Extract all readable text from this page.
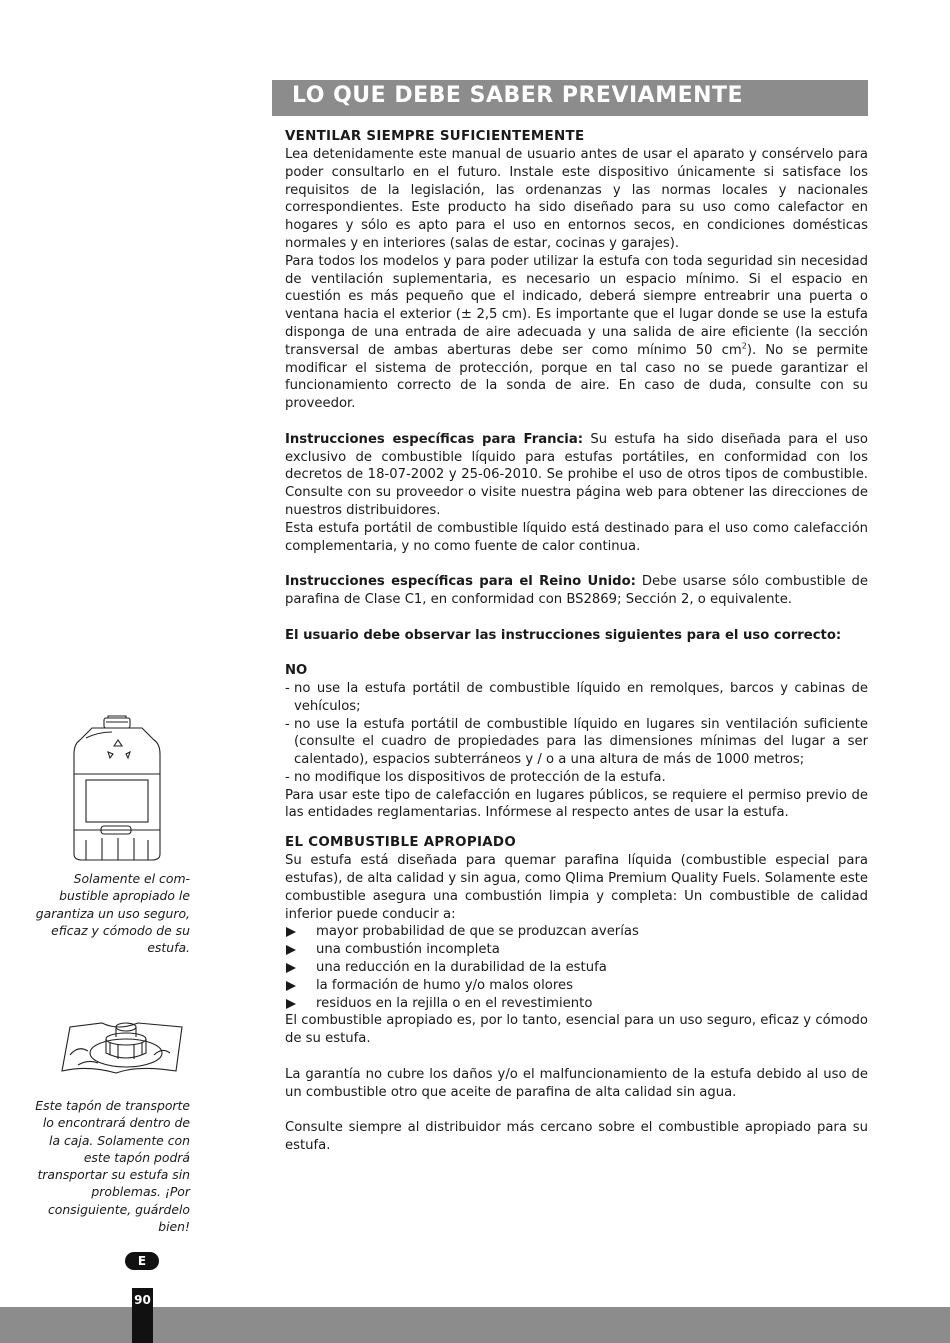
LO QUE DEBE SABER PREVIAMENTE
Solamente el com-bustible apropiado le garantiza un uso seguro, eficaz y cómodo de su estufa.
Este tapón de transporte lo encontrará dentro de la caja. Solamente con este tapón podrá transportar su estufa sin problemas. ¡Por consiguiente, guárdelo bien!
VENTILAR SIEMPRE SUFICIENTEMENTE

Lea detenidamente este manual de usuario antes de usar el aparato y consérvelo para poder consultarlo en el futuro. Instale este dispositivo únicamente si satisface los requisitos de la legislación, las ordenanzas y las normas locales y nacionales correspondientes. Este producto ha sido diseñado para su uso como calefactor en hogares y sólo es apto para el uso en entornos secos, en condiciones domésticas normales y en interiores (salas de estar, cocinas y garajes).

Para todos los modelos y para poder utilizar la estufa con toda seguridad sin necesidad de ventilación suplementaria, es necesario un espacio mínimo. Si el espacio en cuestión es más pequeño que el indicado, deberá siempre entreabrir una puerta o ventana hacia el exterior (± 2,5 cm). Es importante que el lugar donde se use la estufa disponga de una entrada de aire adecuada y una salida de aire eficiente (la sección transversal de ambas aberturas debe ser como mínimo 50 $cm^2$). No se permite modificar el sistema de protección, porque en tal caso no se puede garantizar el funcionamiento correcto de la sonda de aire. En caso de duda, consulte con su proveedor.

Instrucciones específicas para Francia: Su estufa ha sido diseñada para el uso exclusivo de combustible líquido para estufas portátiles, en conformidad con los decretos de 18-07-2002 y 25-06-2010. Se prohibe el uso de otros tipos de combustible. Consulte con su proveedor o visite nuestra página web para obtener las direcciones de nuestros distribuidores.

Esta estufa portátil de combustible líquido está destinado para el uso como calefacción complementaria, y no como fuente de calor continua.

Instrucciones específicas para el Reino Unido: Debe usarse sólo combustible de parafina de Clase C1, en conformidad con BS2869; Sección 2, o equivalente.

El usuario debe observar las instrucciones siguientes para el uso correcto:

NO

- no use la estufa portátil de combustible líquido en remolques, barcos y cabinas de vehículos;
- no use la estufa portátil de combustible líquido en lugares sin ventilación suficiente (consulte el cuadro de propiedades para las dimensiones mínimas del lugar a ser calentado), espacios subterráneos y / o a una altura de más de 1000 metros;
- no modifique los dispositivos de protección de la estufa.

Para usar este tipo de calefacción en lugares públicos, se requiere el permiso previo de las entidades reglamentarias. Infórmese al respecto antes de usar la estufa.

EL COMBUSTIBLE APROPIADO

Su estufa está diseñada para quemar parafina líquida (combustible especial para estufas), de alta calidad y sin agua, como Qlima Premium Quality Fuels. Solamente este combustible asegura una combustión limpia y completa: Un combustible de calidad inferior puede conducir a:

mayor probabilidad de que se produzcan averías
una combustión incompleta
una reducción en la durabilidad de la estufa
la formación de humo y/o malos olores
residuos en la rejilla o en el revestimiento

El combustible apropiado es, por lo tanto, esencial para un uso seguro, eficaz y cómodo de su estufa.

La garantía no cubre los daños y/o el malfuncionamiento de la estufa debido al uso de un combustible otro que aceite de parafina de alta calidad sin agua.

Consulte siempre al distribuidor más cercano sobre el combustible apropiado para su estufa.

E
90
